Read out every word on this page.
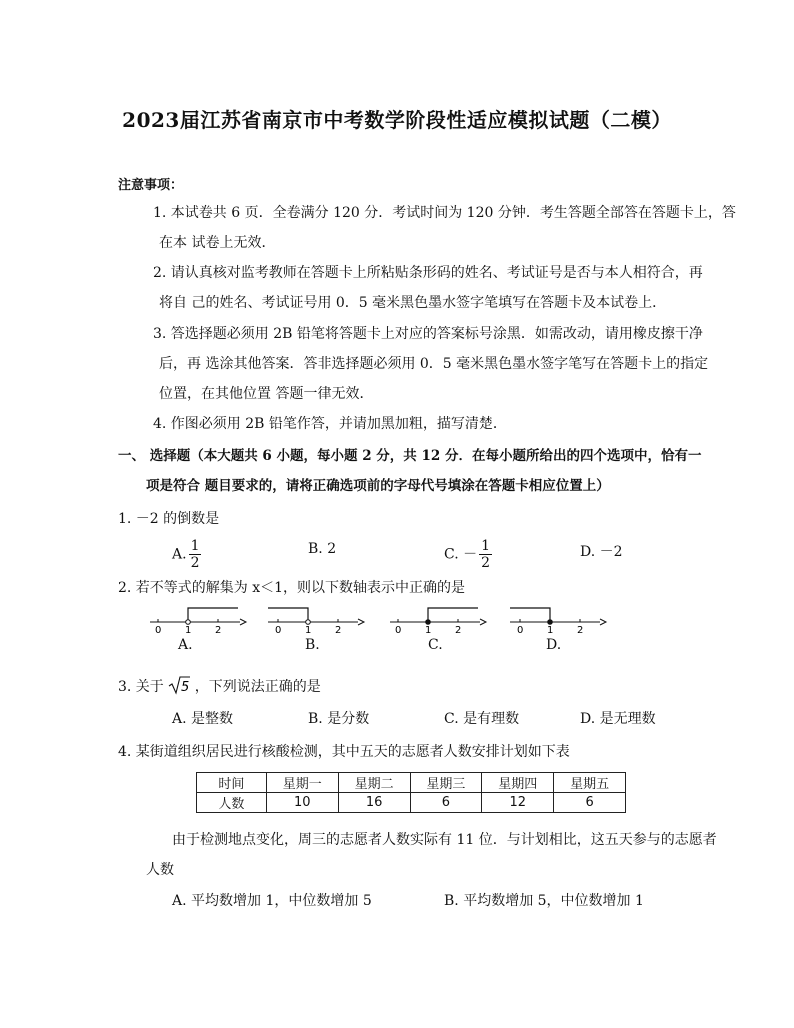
2023届江苏省南京市中考数学阶段性适应模拟试题（二模）
注意事项：
1. 本试卷共 6 页．全卷满分 120 分．考试时间为 120 分钟．考生答题全部答在答题卡上，答
在本 试卷上无效．
2. 请认真核对监考教师在答题卡上所粘贴条形码的姓名、考试证号是否与本人相符合，再
将自 己的姓名、考试证号用 0．5 毫米黑色墨水签字笔填写在答题卡及本试卷上．
3. 答选择题必须用 2B 铅笔将答题卡上对应的答案标号涂黑．如需改动，请用橡皮擦干净
后，再 选涂其他答案．答非选择题必须用 0．5 毫米黑色墨水签字笔写在答题卡上的指定
位置，在其他位置 答题一律无效．
4. 作图必须用 2B 铅笔作答，并请加黑加粗，描写清楚．
一、 选择题（本大题共 6 小题，每小题 2 分，共 12 分．在每小题所给出的四个选项中，恰有一
项是符合 题目要求的，请将正确选项前的字母代号填涂在答题卡相应位置上）
1. －2 的倒数是
A. $\frac{1}{2}$	B. 2	C. － $\frac{1}{2}$	D. －2
2. 若不等式的解集为 x＜1，则以下数轴表示中正确的是
0 1 2
A.
0 1 2
B.
0 1 2
C.
0 1 2
D.
3. 关于 5 ，下列说法正确的是
A. 是整数	B. 是分数	C. 是有理数	D. 是无理数
4. 某街道组织居民进行核酸检测，其中五天的志愿者人数安排计划如下表
时间	星期一	星期二	星期三	星期四	星期五
人数	10	16	6	12	6
由于检测地点变化，周三的志愿者人数实际有 11 位．与计划相比，这五天参与的志愿者
人数
A. 平均数增加 1，中位数增加 5	B. 平均数增加 5，中位数增加 1
